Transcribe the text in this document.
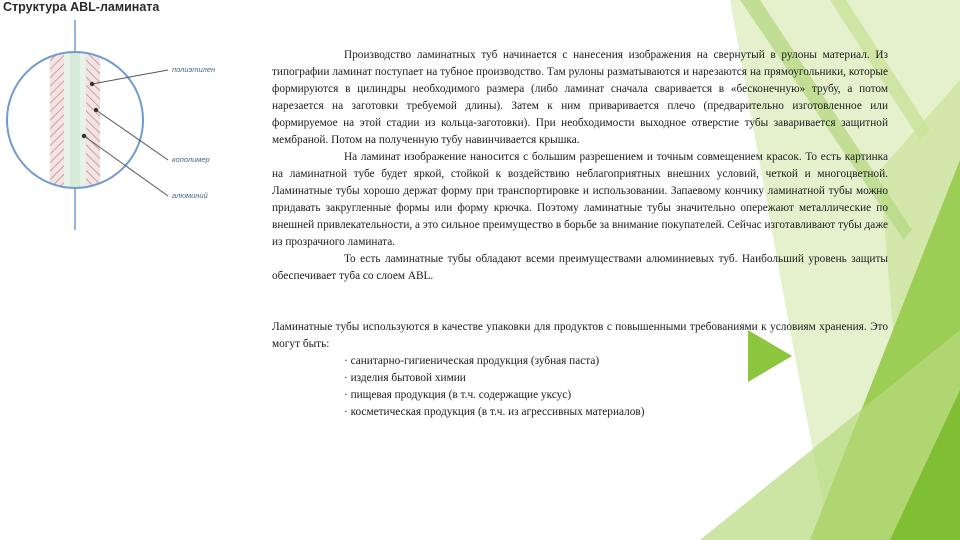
Структура ABL-ламината
полиэтилен
кополимер
алюминий

Производство ламинатных туб начинается с нанесения изображения на свернутый в рулоны материал. Из типографии ламинат поступает на тубное производство. Там рулоны разматываются и нарезаются на прямоугольники, которые формируются в цилиндры необходимого размера (либо ламинат сначала сваривается в «бесконечную» трубу, а потом нарезается на заготовки требуемой длины). Затем к ним приваривается плечо (предварительно изготовленное или формируемое на этой стадии из кольца-заготовки). При необходимости выходное отверстие тубы заваривается защитной мембраной. Потом на полученную тубу навинчивается крышка.

На ламинат изображение наносится с большим разрешением и точным совмещением красок. То есть картинка на ламинатной тубе будет яркой, стойкой к воздействию неблагоприятных внешних условий, четкой и многоцветной. Ламинатные тубы хорошо держат форму при транспортировке и использовании. Запаевому кончику ламинатной тубы можно придавать закругленные формы или форму крючка. Поэтому ламинатные тубы значительно опережают металлические по внешней привлекательности, а это сильное преимущество в борьбе за внимание покупателей. Сейчас изготавливают тубы даже из прозрачного ламината.

То есть ламинатные тубы обладают всеми преимуществами алюминиевых туб. Наибольший уровень защиты обеспечивает туба со слоем ABL.

Ламинатные тубы используются в качестве упаковки для продуктов с повышенными требованиями к условиям хранения. Это могут быть:

· санитарно-гигиеническая продукция (зубная паста)
· изделия бытовой химии
· пищевая продукция (в т.ч. содержащие уксус)
· косметическая продукция (в т.ч. из агрессивных материалов)
